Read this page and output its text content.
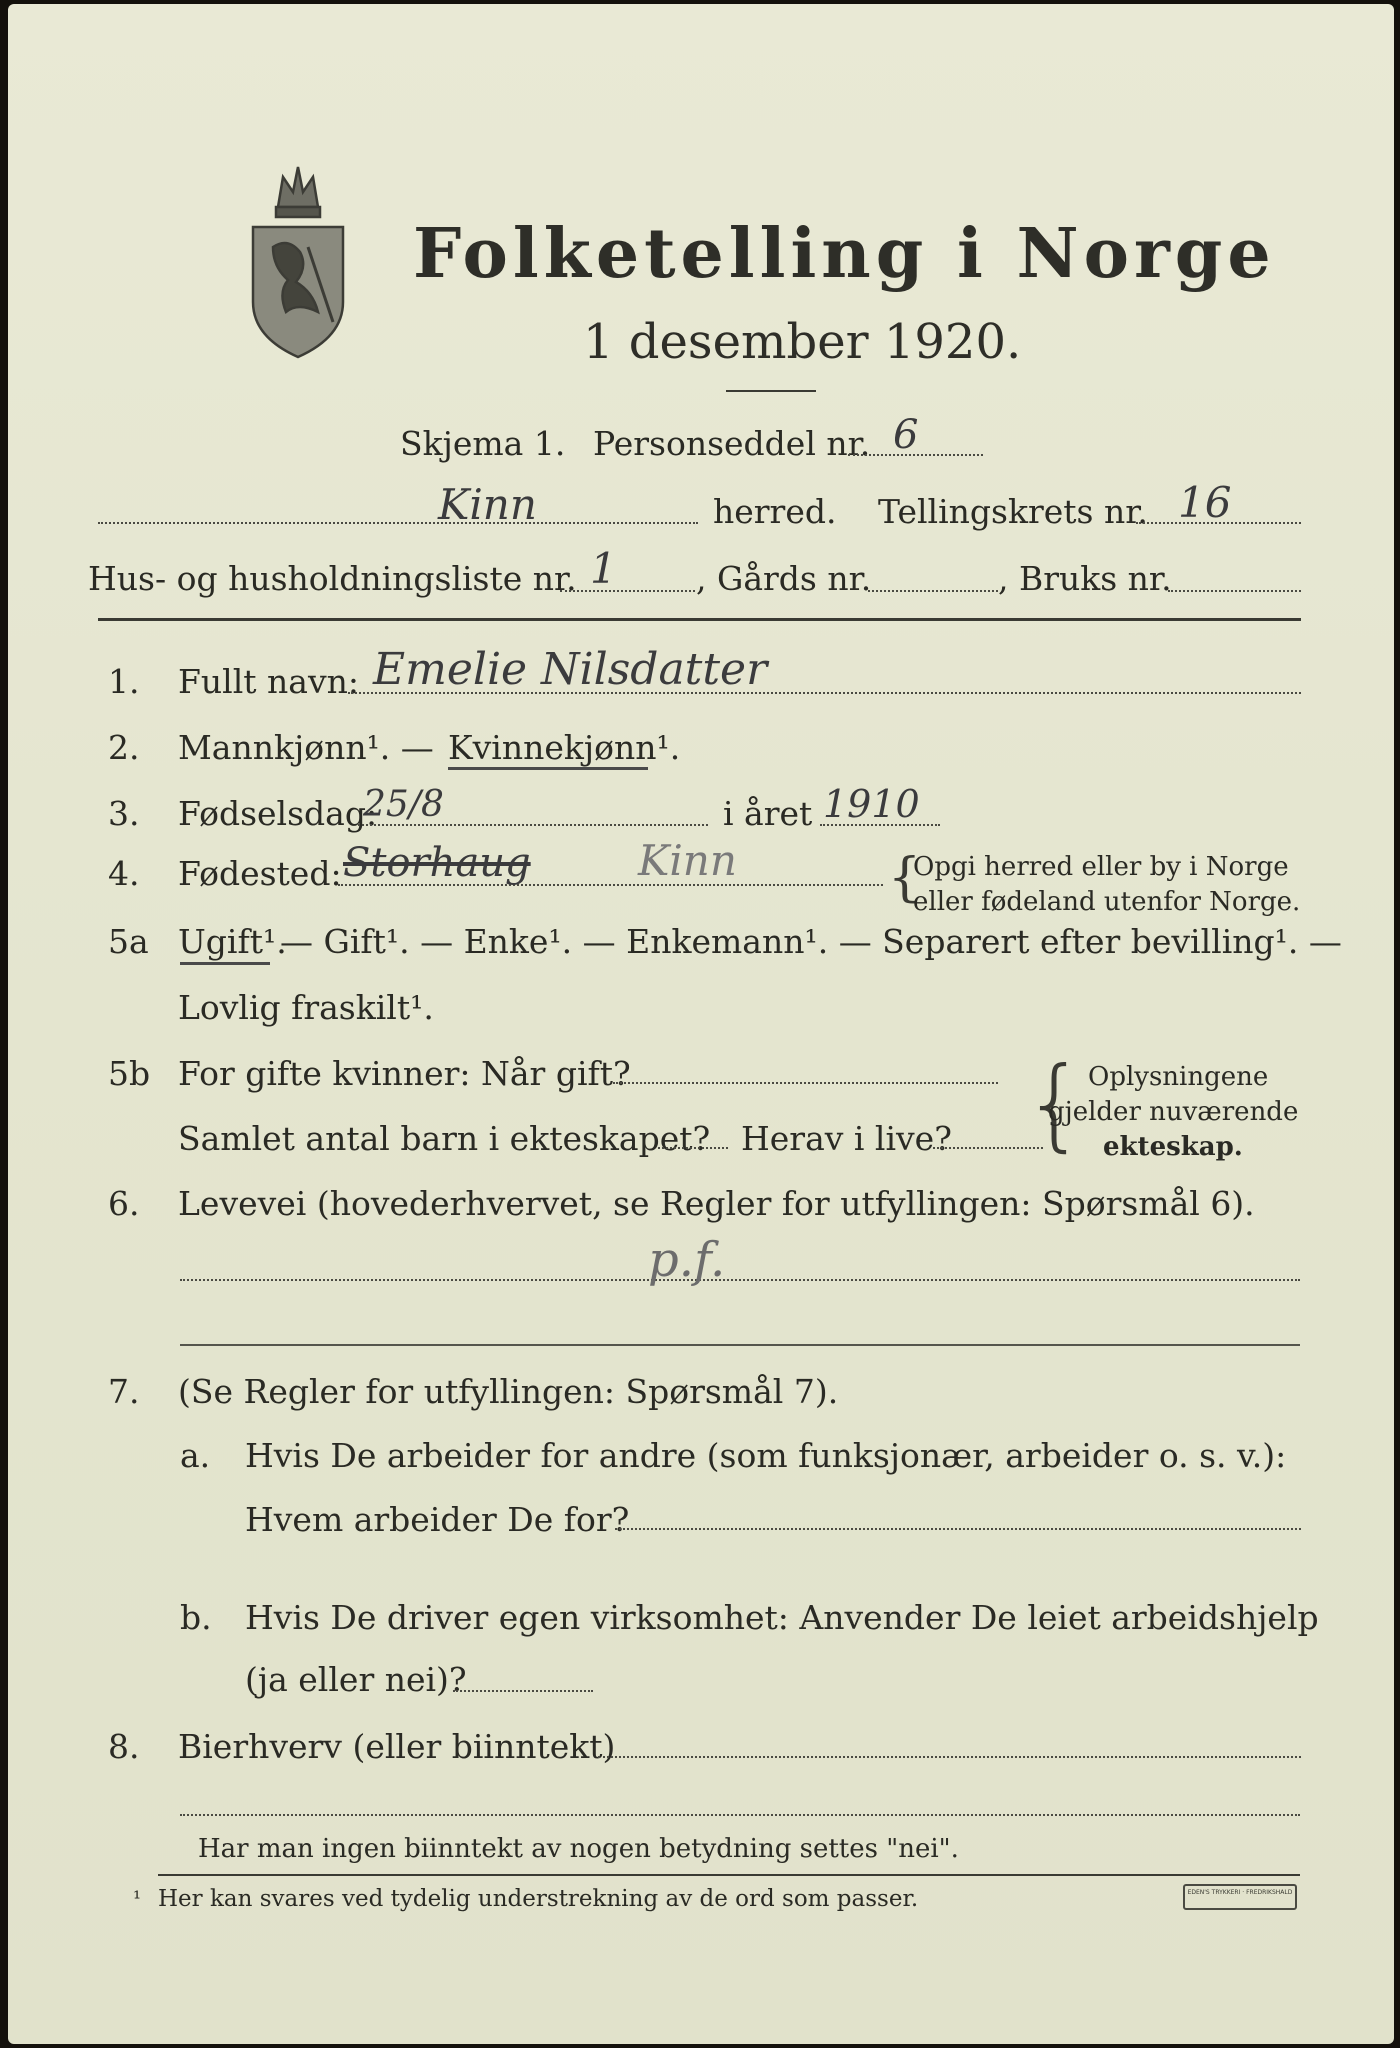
Folketelling i Norge
1 desember 1920.
Skjema 1. Personseddel nr. 6
Kinn	herred. Tellingskrets nr. 16
Hus- og husholdningsliste nr. 1 , Gårds nr.	, Bruks nr.
1. Fullt navn: Emelie Nilsdatter
2. Mannkjønn¹. — Kvinnekjønn¹.
3. Fødselsdag:
25/8	i året 1910
4. Fødested: Storhaug	Kinn	{
Opgi herred eller by i Norge
eller fødeland utenfor Norge.
5a Ugift¹.
— Gift¹. — Enke¹. — Enkemann¹. — Separert efter bevilling¹. —
Lovlig fraskilt¹.
5b For gifte kvinner: Når gift?
Samlet antal barn i ekteskapet? Herav i live? { Oplysningene
gjelder nuværende
ekteskap.
6. Levevei (hovederhvervet, se Regler for utfyllingen: Spørsmål 6).
p.f.
7. (Se Regler for utfyllingen: Spørsmål 7).
a. Hvis De arbeider for andre (som funksjonær, arbeider o. s. v.):
Hvem arbeider De for?
b. Hvis De driver egen virksomhet: Anvender De leiet arbeidshjelp
(ja eller nei)?
8. Bierhverv (eller biinntekt)
Har man ingen biinntekt av nogen betydning settes "nei".
¹ Her kan svares ved tydelig understrekning av de ord som passer.	EDEN'S TRYKKERI · FREDRIKSHALD
